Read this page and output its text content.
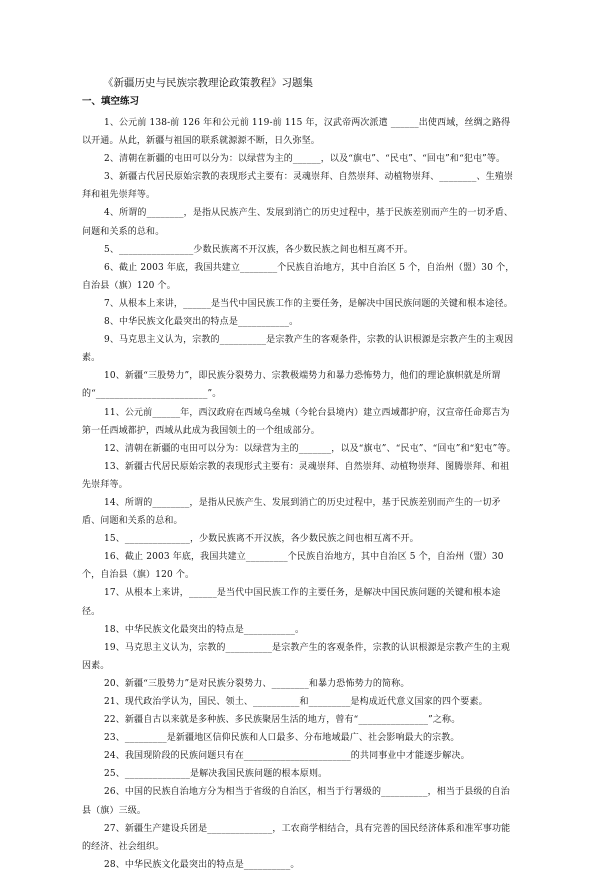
《新疆历史与民族宗教理论政策教程》习题集
一、填空练习

1、公元前 138-前 126 年和公元前 119-前 115 年，汉武帝两次派遣 ______出使西域，丝绸之路得以开通。从此，新疆与祖国的联系就源源不断，日久弥坚。

2、清朝在新疆的屯田可以分为：以绿营为主的______，以及“旗屯”、“民屯”、“回屯”和“犯屯”等。

3、新疆古代居民原始宗教的表现形式主要有：灵魂崇拜、自然崇拜、动植物崇拜、________、生殖崇拜和祖先崇拜等。

4、所谓的________，是指从民族产生、发展到消亡的历史过程中，基于民族差别而产生的一切矛盾、问题和关系的总和。

5、________________少数民族离不开汉族，各少数民族之间也相互离不开。

6、截止 2003 年底，我国共建立________个民族自治地方，其中自治区 5 个，自治州（盟）30 个，自治县（旗）120 个。

7、从根本上来讲，______是当代中国民族工作的主要任务，是解决中国民族问题的关键和根本途径。

8、中华民族文化最突出的特点是___________。

9、马克思主义认为，宗教的__________是宗教产生的客观条件，宗教的认识根源是宗教产生的主观因素。

10、新疆“三股势力”，即民族分裂势力、宗教极端势力和暴力恐怖势力，他们的理论旗帜就是所谓的“________________________”。

11、公元前______年，西汉政府在西域乌垒城（今轮台县境内）建立西域都护府，汉宣帝任命郑吉为第一任西域都护，西域从此成为我国领土的一个组成部分。

12、清朝在新疆的屯田可以分为：以绿营为主的_______，以及“旗屯”、“民屯”、“回屯”和“犯屯”等。

13、新疆古代居民原始宗教的表现形式主要有：灵魂崇拜、自然崇拜、动植物崇拜、图腾崇拜、和祖先崇拜等。

14、所谓的________，是指从民族产生、发展到消亡的历史过程中，基于民族差别而产生的一切矛盾、问题和关系的总和。

15、______________，少数民族离不开汉族，各少数民族之间也相互离不开。

16、截止 2003 年底，我国共建立_________个民族自治地方，其中自治区 5 个，自治州（盟）30 个，自治县（旗）120 个。

17、从根本上来讲，______是当代中国民族工作的主要任务，是解决中国民族问题的关键和根本途径。

18、中华民族文化最突出的特点是___________。

19、马克思主义认为，宗教的__________是宗教产生的客观条件，宗教的认识根源是宗教产生的主观因素。

20、新疆“三股势力”是对民族分裂势力、________和暴力恐怖势力的简称。

21、现代政治学认为，国民、领土、__________和_________是构成近代意义国家的四个要素。

22、新疆自古以来就是多种族、多民族聚居生活的地方，曾有“_______________”之称。

23、_________是新疆地区信仰民族和人口最多、分布地域最广、社会影响最大的宗教。

24、我国现阶段的民族问题只有在_______________________的共同事业中才能逐步解决。

25、______________是解决我国民族问题的根本原则。

26、中国的民族自治地方分为相当于省级的自治区，相当于行署级的__________，相当于县级的自治县（旗）三级。

27、新疆生产建设兵团是______________，工农商学相结合，具有完善的国民经济体系和准军事功能的经济、社会组织。

28、中华民族文化最突出的特点是__________。
